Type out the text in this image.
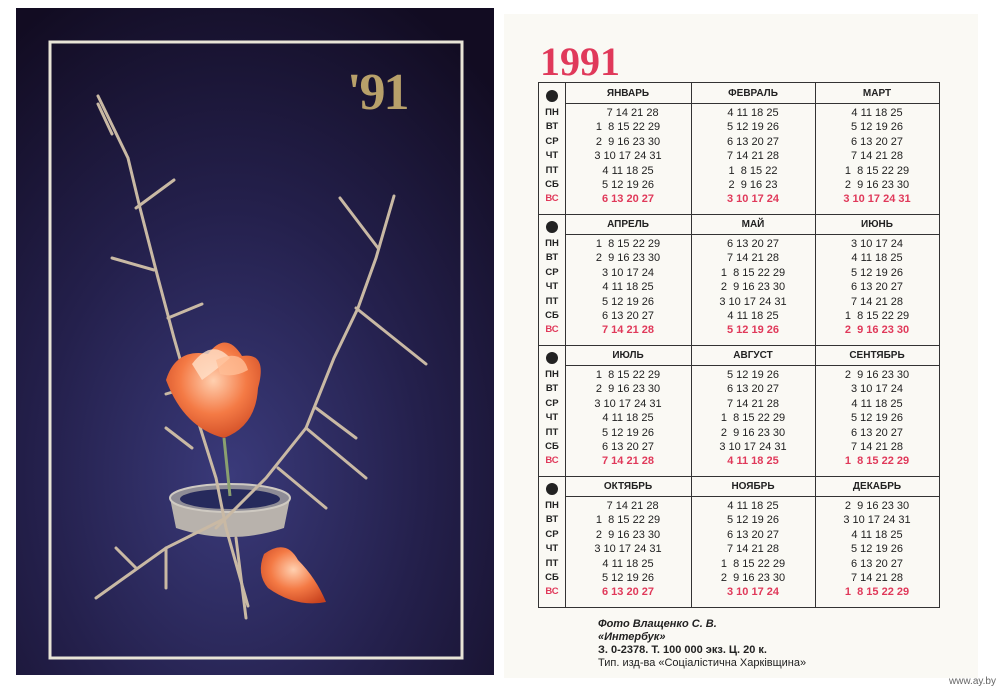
'91
1991
ПН
ВТ
СР
ЧТ
ПТ
СБ
ВС
ЯНВАРЬ
7 14 21 28
1  8 15 22 29
2  9 16 23 30
3 10 17 24 31
4 11 18 25
5 12 19 26
6 13 20 27
ФЕВРАЛЬ
4 11 18 25
5 12 19 26
6 13 20 27
7 14 21 28
1  8 15 22
2  9 16 23
3 10 17 24
МАРТ
4 11 18 25
5 12 19 26
6 13 20 27
7 14 21 28
1  8 15 22 29
2  9 16 23 30
3 10 17 24 31
ПН
ВТ
СР
ЧТ
ПТ
СБ
ВС
АПРЕЛЬ
1  8 15 22 29
2  9 16 23 30
3 10 17 24
4 11 18 25
5 12 19 26
6 13 20 27
7 14 21 28
МАЙ
6 13 20 27
7 14 21 28
1  8 15 22 29
2  9 16 23 30
3 10 17 24 31
4 11 18 25
5 12 19 26
ИЮНЬ
3 10 17 24
4 11 18 25
5 12 19 26
6 13 20 27
7 14 21 28
1  8 15 22 29
2  9 16 23 30
ПН
ВТ
СР
ЧТ
ПТ
СБ
ВС
ИЮЛЬ
1  8 15 22 29
2  9 16 23 30
3 10 17 24 31
4 11 18 25
5 12 19 26
6 13 20 27
7 14 21 28
АВГУСТ
5 12 19 26
6 13 20 27
7 14 21 28
1  8 15 22 29
2  9 16 23 30
3 10 17 24 31
4 11 18 25
СЕНТЯБРЬ
2  9 16 23 30
3 10 17 24
4 11 18 25
5 12 19 26
6 13 20 27
7 14 21 28
1  8 15 22 29
ПН
ВТ
СР
ЧТ
ПТ
СБ
ВС
ОКТЯБРЬ
7 14 21 28
1  8 15 22 29
2  9 16 23 30
3 10 17 24 31
4 11 18 25
5 12 19 26
6 13 20 27
НОЯБРЬ
4 11 18 25
5 12 19 26
6 13 20 27
7 14 21 28
1  8 15 22 29
2  9 16 23 30
3 10 17 24
ДЕКАБРЬ
2  9 16 23 30
3 10 17 24 31
4 11 18 25
5 12 19 26
6 13 20 27
7 14 21 28
1  8 15 22 29
Фото Влащенко С. В.
«Интербук»
З. 0-2378. Т. 100 000 экз. Ц. 20 к.
Тип. изд-ва «Соціалістична Харківщина»
www.ay.by
